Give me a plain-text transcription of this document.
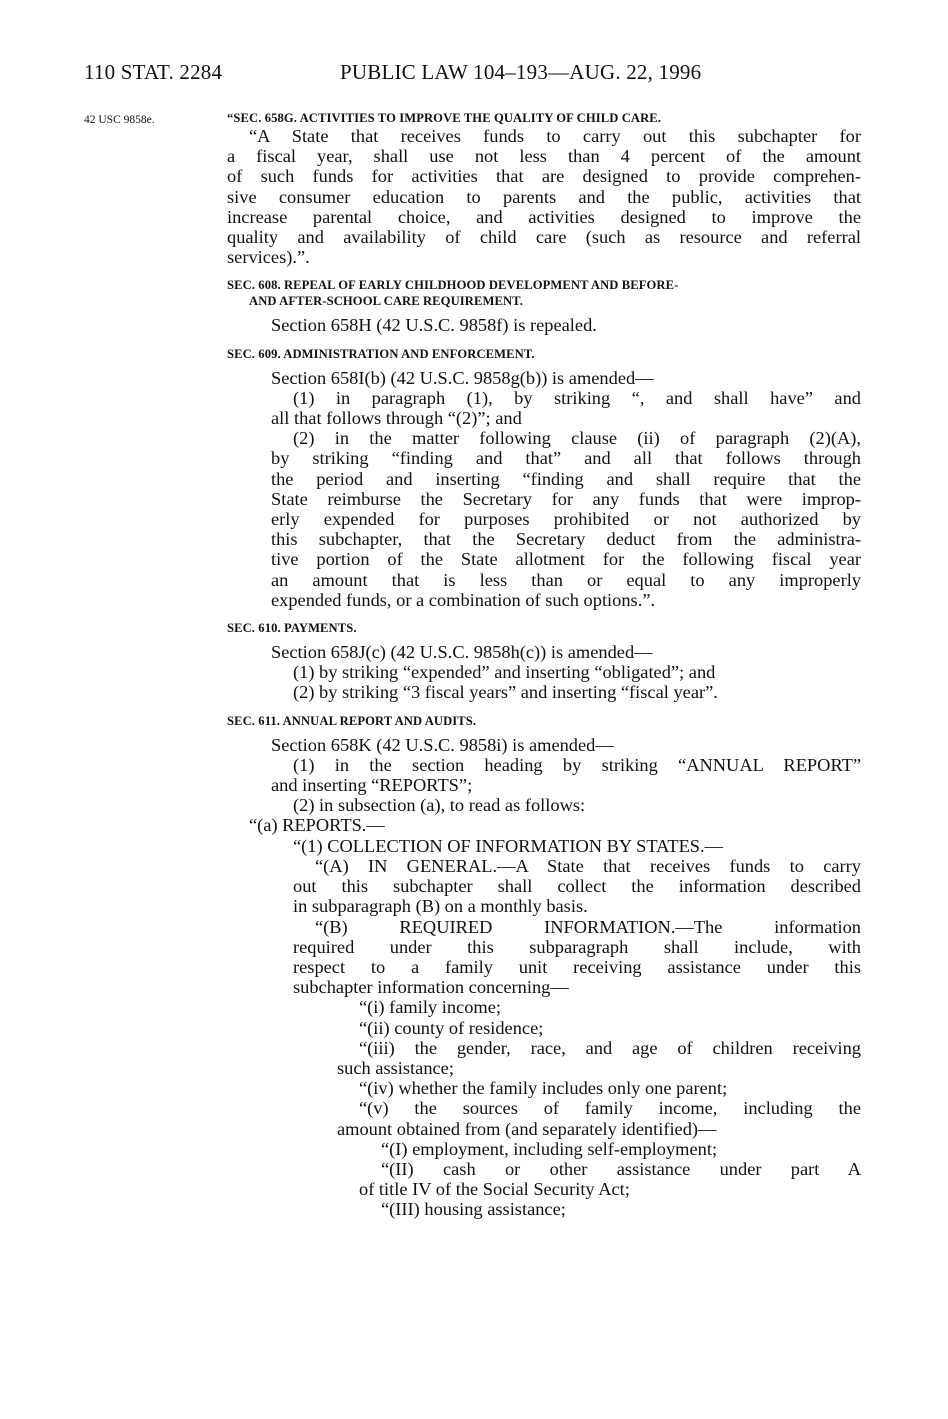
110 STAT. 2284	PUBLIC LAW 104–193—AUG. 22, 1996
42 USC 9858e.	“SEC. 658G. ACTIVITIES TO IMPROVE THE QUALITY OF CHILD CARE.

“A State that receives funds to carry out this subchapter for

a fiscal year, shall use not less than 4 percent of the amount

of such funds for activities that are designed to provide comprehen-

sive consumer education to parents and the public, activities that

increase parental choice, and activities designed to improve the

quality and availability of child care (such as resource and referral

services).”.

SEC. 608. REPEAL OF EARLY CHILDHOOD DEVELOPMENT AND BEFORE-

AND AFTER-SCHOOL CARE REQUIREMENT.

Section 658H (42 U.S.C. 9858f) is repealed.

SEC. 609. ADMINISTRATION AND ENFORCEMENT.

Section 658I(b) (42 U.S.C. 9858g(b)) is amended—

(1) in paragraph (1), by striking “, and shall have” and

all that follows through “(2)”; and

(2) in the matter following clause (ii) of paragraph (2)(A),

by striking “finding and that” and all that follows through

the period and inserting “finding and shall require that the

State reimburse the Secretary for any funds that were improp-

erly expended for purposes prohibited or not authorized by

this subchapter, that the Secretary deduct from the administra-

tive portion of the State allotment for the following fiscal year

an amount that is less than or equal to any improperly

expended funds, or a combination of such options.”.

SEC. 610. PAYMENTS.

Section 658J(c) (42 U.S.C. 9858h(c)) is amended—

(1) by striking “expended” and inserting “obligated”; and

(2) by striking “3 fiscal years” and inserting “fiscal year”.

SEC. 611. ANNUAL REPORT AND AUDITS.

Section 658K (42 U.S.C. 9858i) is amended—

(1) in the section heading by striking “ANNUAL REPORT”

and inserting “REPORTS”;

(2) in subsection (a), to read as follows:

“(a) REPORTS.—

“(1) COLLECTION OF INFORMATION BY STATES.—

“(A) IN GENERAL.—A State that receives funds to carry

out this subchapter shall collect the information described

in subparagraph (B) on a monthly basis.

“(B) REQUIRED INFORMATION.—The information

required under this subparagraph shall include, with

respect to a family unit receiving assistance under this

subchapter information concerning—

“(i) family income;

“(ii) county of residence;

“(iii) the gender, race, and age of children receiving

such assistance;

“(iv) whether the family includes only one parent;

“(v) the sources of family income, including the

amount obtained from (and separately identified)—

“(I) employment, including self-employment;

“(II) cash or other assistance under part A

of title IV of the Social Security Act;

“(III) housing assistance;
